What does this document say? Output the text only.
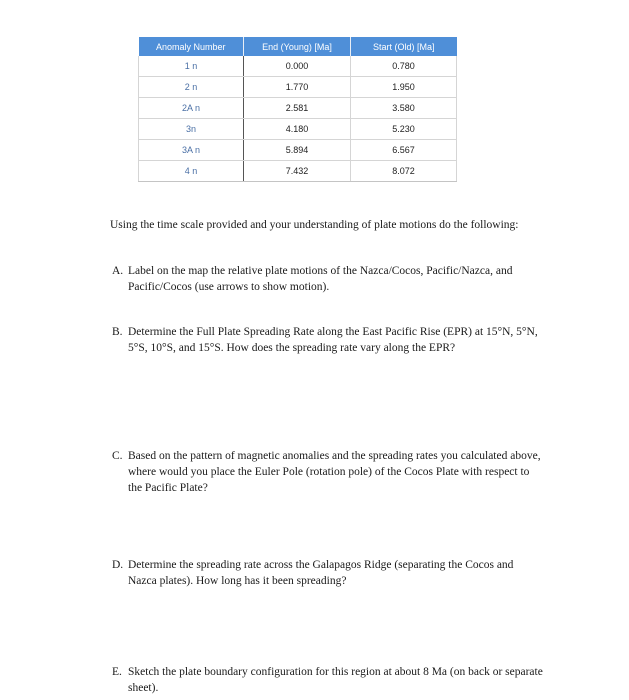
Anomaly Number	End (Young) [Ma]	Start (Old) [Ma]
1 n	0.000	0.780
2 n	1.770	1.950
2A n	2.581	3.580
3n	4.180	5.230
3A n	5.894	6.567
4 n	7.432	8.072

Using the time scale provided and your understanding of plate motions do the following:

A. Label on the map the relative plate motions of the Nazca/Cocos, Pacific/Nazca, and Pacific/Cocos (use arrows to show motion).

B. Determine the Full Plate Spreading Rate along the East Pacific Rise (EPR) at 15°N, 5°N, 5°S, 10°S, and 15°S. How does the spreading rate vary along the EPR?

C. Based on the pattern of magnetic anomalies and the spreading rates you calculated above, where would you place the Euler Pole (rotation pole) of the Cocos Plate with respect to the Pacific Plate?

D. Determine the spreading rate across the Galapagos Ridge (separating the Cocos and Nazca plates). How long has it been spreading?

E. Sketch the plate boundary configuration for this region at about 8 Ma (on back or separate sheet).
